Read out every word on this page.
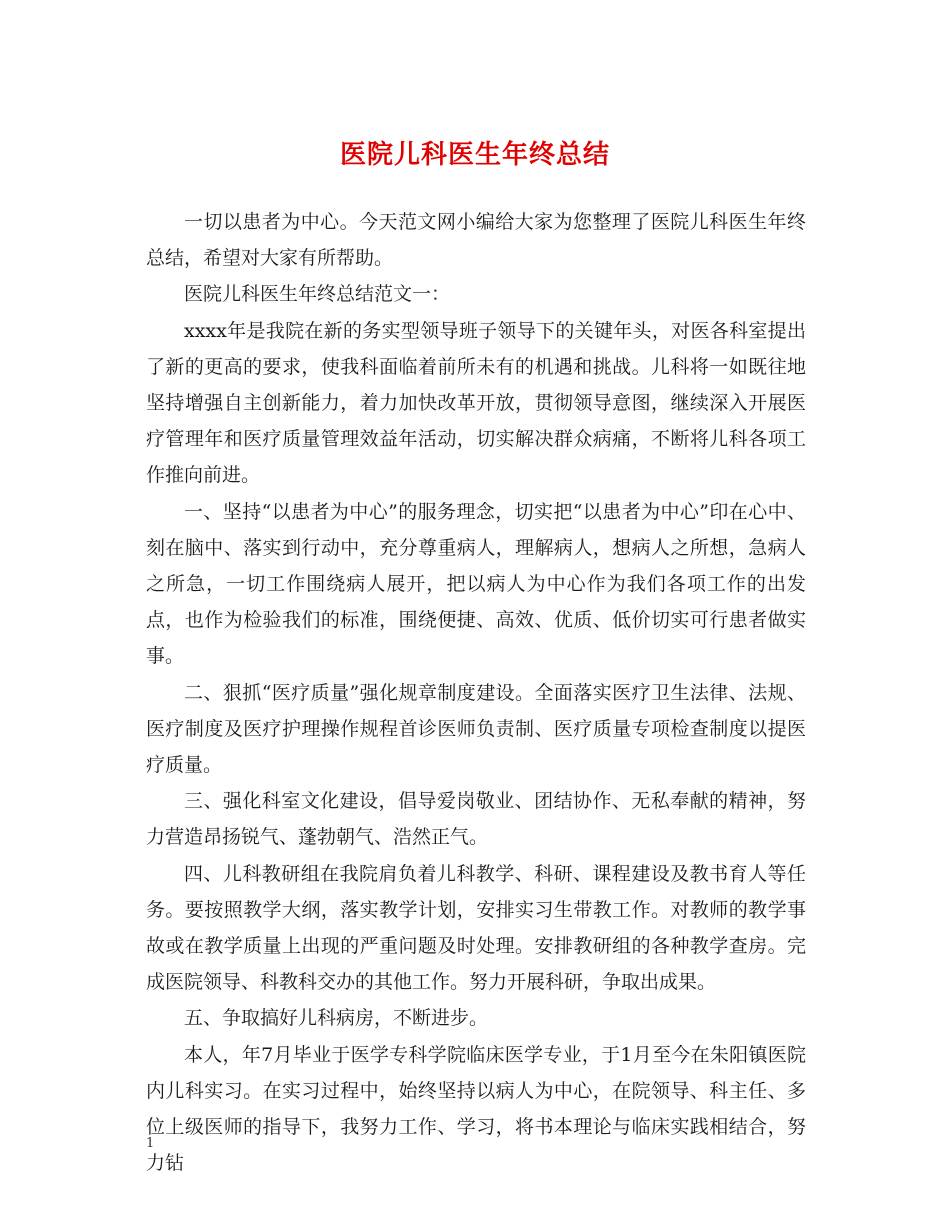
医院儿科医生年终总结

一切以患者为中心。今天范文网小编给大家为您整理了医院儿科医生年终总结，希望对大家有所帮助。

医院儿科医生年终总结范文一：

xxxx年是我院在新的务实型领导班子领导下的关键年头，对医各科室提出了新的更高的要求，使我科面临着前所未有的机遇和挑战。儿科将一如既往地坚持增强自主创新能力，着力加快改革开放，贯彻领导意图，继续深入开展医疗管理年和医疗质量管理效益年活动，切实解决群众病痛，不断将儿科各项工作推向前进。

一、坚持“以患者为中心”的服务理念，切实把“以患者为中心”印在心中、刻在脑中、落实到行动中，充分尊重病人，理解病人，想病人之所想，急病人之所急，一切工作围绕病人展开，把以病人为中心作为我们各项工作的出发点，也作为检验我们的标准，围绕便捷、高效、优质、低价切实可行患者做实事。

二、狠抓“医疗质量”强化规章制度建设。全面落实医疗卫生法律、法规、医疗制度及医疗护理操作规程首诊医师负责制、医疗质量专项检查制度以提医疗质量。

三、强化科室文化建设，倡导爱岗敬业、团结协作、无私奉献的精神，努力营造昂扬锐气、蓬勃朝气、浩然正气。

四、儿科教研组在我院肩负着儿科教学、科研、课程建设及教书育人等任务。要按照教学大纲，落实教学计划，安排实习生带教工作。对教师的教学事故或在教学质量上出现的严重问题及时处理。安排教研组的各种教学查房。完成医院领导、科教科交办的其他工作。努力开展科研，争取出成果。

五、争取搞好儿科病房，不断进步。

本人，年7月毕业于医学专科学院临床医学专业，于1月至今在朱阳镇医院内儿科实习。在实习过程中，始终坚持以病人为中心，在院领导、科主任、多位上级医师的指导下，我努力工作、学习，将书本理论与临床实践相结合，努力钻

1
